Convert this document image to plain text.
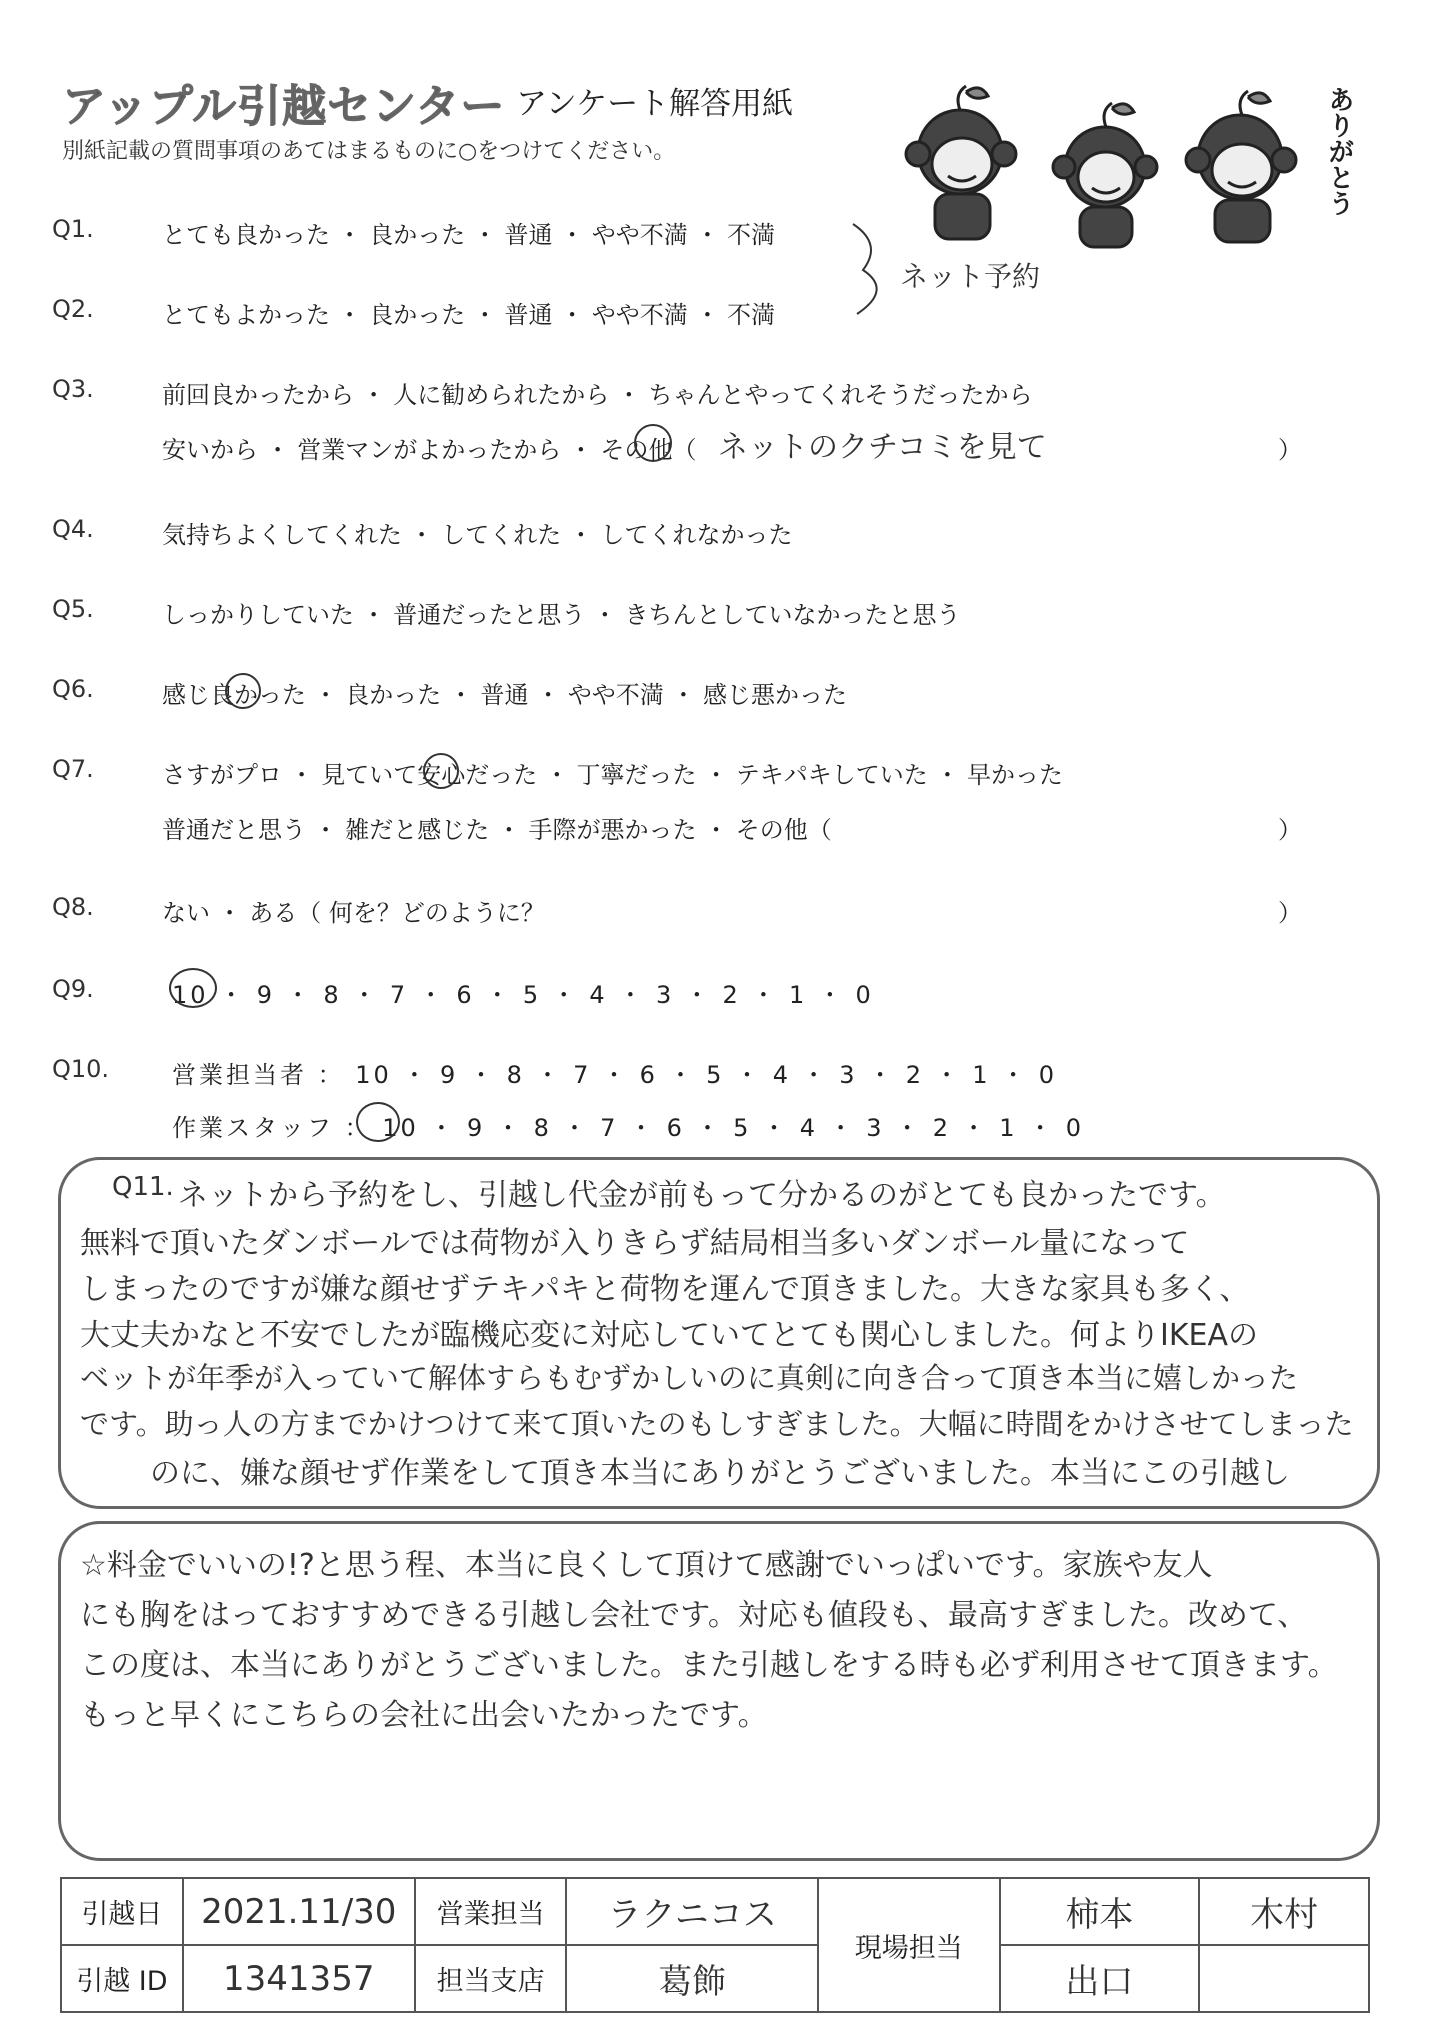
アップル引越センター アンケート解答用紙
別紙記載の質問事項のあてはまるものに○をつけてください。	ありがとう
Q1.	とても良かった ・ 良かった ・ 普通 ・ やや不満 ・ 不満
Q2.	とてもよかった ・ 良かった ・ 普通 ・ やや不満 ・ 不満
ネット予約
Q3.	前回良かったから ・ 人に勧められたから ・ ちゃんとやってくれそうだったから
安いから ・ 営業マンがよかったから ・ その他（ ネットのクチコミを見て	）
Q4.	気持ちよくしてくれた ・ してくれた ・ してくれなかった
Q5.	しっかりしていた ・ 普通だったと思う ・ きちんとしていなかったと思う
Q6.	感じ良かった ・ 良かった ・ 普通 ・ やや不満 ・ 感じ悪かった
Q7.	さすがプロ ・ 見ていて安心だった ・ 丁寧だった ・ テキパキしていた ・ 早かった
普通だと思う ・ 雑だと感じた ・ 手際が悪かった ・ その他（	）
Q8.	ない ・ ある（ 何を？どのように？	）
Q9.	10 ・ 9 ・ 8 ・ 7 ・ 6 ・ 5 ・ 4 ・ 3 ・ 2 ・ 1 ・ 0
Q10.	営業担当者 ： 10 ・ 9 ・ 8 ・ 7 ・ 6 ・ 5 ・ 4 ・ 3 ・ 2 ・ 1 ・ 0
作業スタッフ ： 10 ・ 9 ・ 8 ・ 7 ・ 6 ・ 5 ・ 4 ・ 3 ・ 2 ・ 1 ・ 0
Q11. ネットから予約をし、引越し代金が前もって分かるのがとても良かったです。
無料で頂いたダンボールでは荷物が入りきらず結局相当多いダンボール量になって
しまったのですが嫌な顔せずテキパキと荷物を運んで頂きました。大きな家具も多く、
大丈夫かなと不安でしたが臨機応変に対応していてとても関心しました。何よりIKEAの
ベットが年季が入っていて解体すらもむずかしいのに真剣に向き合って頂き本当に嬉しかった
です。助っ人の方までかけつけて来て頂いたのもしすぎました。大幅に時間をかけさせてしまった
のに、嫌な顔せず作業をして頂き本当にありがとうございました。本当にこの引越し
☆料金でいいの!?と思う程、本当に良くして頂けて感謝でいっぱいです。家族や友人
にも胸をはっておすすめできる引越し会社です。対応も値段も、最高すぎました。改めて、
この度は、本当にありがとうございました。また引越しをする時も必ず利用させて頂きます。
もっと早くにこちらの会社に出会いたかったです。
引越日	2021.11/30	営業担当	ラクニコス	現場担当	柿本	木村
引越 ID	1341357	担当支店	葛飾		出口	
